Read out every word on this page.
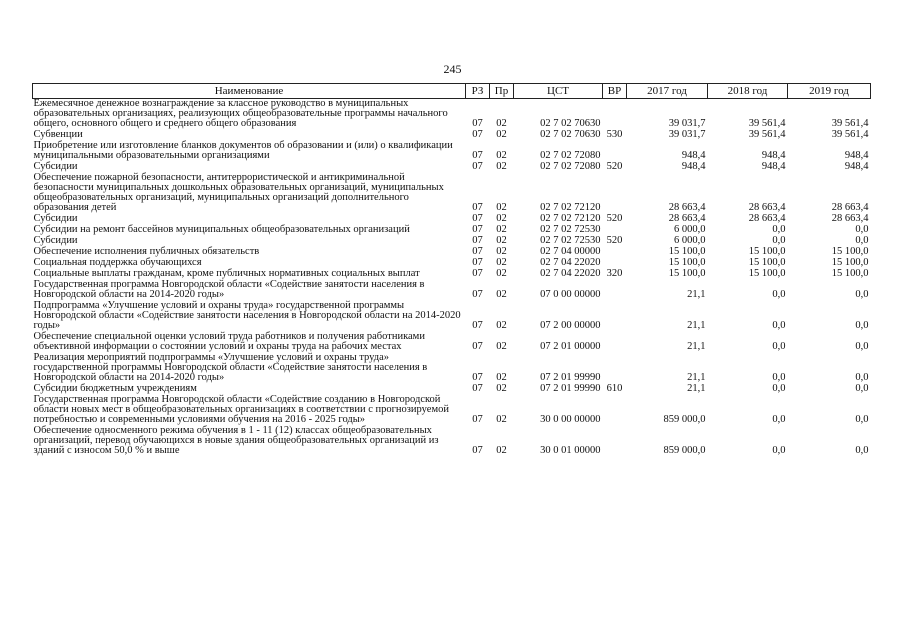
245
Наименование	РЗ	Пр	ЦСТ	ВР	2017 год	2018 год	2019 год
Ежемесячное денежное вознаграждение за классное руководство в муниципальных образовательных организациях, реализующих общеобразовательные программы начального общего, основного общего и среднего общего образования	07	02	02 7 02 70630		39 031,7	39 561,4	39 561,4
Субвенции	07	02	02 7 02 70630	530	39 031,7	39 561,4	39 561,4
Приобретение или изготовление бланков документов об образовании и (или) о квалификации муниципальными образовательными организациями	07	02	02 7 02 72080		948,4	948,4	948,4
Субсидии	07	02	02 7 02 72080	520	948,4	948,4	948,4
Обеспечение пожарной безопасности, антитеррористической и антикриминальной безопасности муниципальных дошкольных образовательных организаций, муниципальных общеобразовательных организаций, муниципальных организаций дополнительного образования детей	07	02	02 7 02 72120		28 663,4	28 663,4	28 663,4
Субсидии	07	02	02 7 02 72120	520	28 663,4	28 663,4	28 663,4
Субсидии на ремонт бассейнов муниципальных общеобразовательных организаций	07	02	02 7 02 72530		6 000,0	0,0	0,0
Субсидии	07	02	02 7 02 72530	520	6 000,0	0,0	0,0
Обеспечение исполнения публичных обязательств	07	02	02 7 04 00000		15 100,0	15 100,0	15 100,0
Социальная поддержка обучающихся	07	02	02 7 04 22020		15 100,0	15 100,0	15 100,0
Социальные выплаты гражданам, кроме публичных нормативных социальных выплат	07	02	02 7 04 22020	320	15 100,0	15 100,0	15 100,0
Государственная программа Новгородской области «Содействие занятости населения в Новгородской области на 2014-2020 годы»	07	02	07 0 00 00000		21,1	0,0	0,0
Подпрограмма «Улучшение условий и охраны труда» государственной программы Новгородской области «Содействие занятости населения в Новгородской области на 2014-2020 годы»	07	02	07 2 00 00000		21,1	0,0	0,0
Обеспечение специальной оценки условий труда работников и получения работниками объективной информации о состоянии условий и охраны труда на рабочих местах	07	02	07 2 01 00000		21,1	0,0	0,0
Реализация мероприятий подпрограммы «Улучшение условий и охраны труда» государственной программы Новгородской области «Содействие занятости населения в Новгородской области на 2014-2020 годы»	07	02	07 2 01 99990		21,1	0,0	0,0
Субсидии бюджетным учреждениям	07	02	07 2 01 99990	610	21,1	0,0	0,0
Государственная программа Новгородской области «Содействие созданию в Новгородской области новых мест в общеобразовательных организациях в соответствии с прогнозируемой потребностью и современными условиями обучения на 2016 - 2025 годы»	07	02	30 0 00 00000		859 000,0	0,0	0,0
Обеспечение односменного режима обучения в 1 - 11 (12) классах общеобразовательных организаций, перевод обучающихся в новые здания общеобразовательных организаций из зданий с износом 50,0 % и выше	07	02	30 0 01 00000		859 000,0	0,0	0,0
